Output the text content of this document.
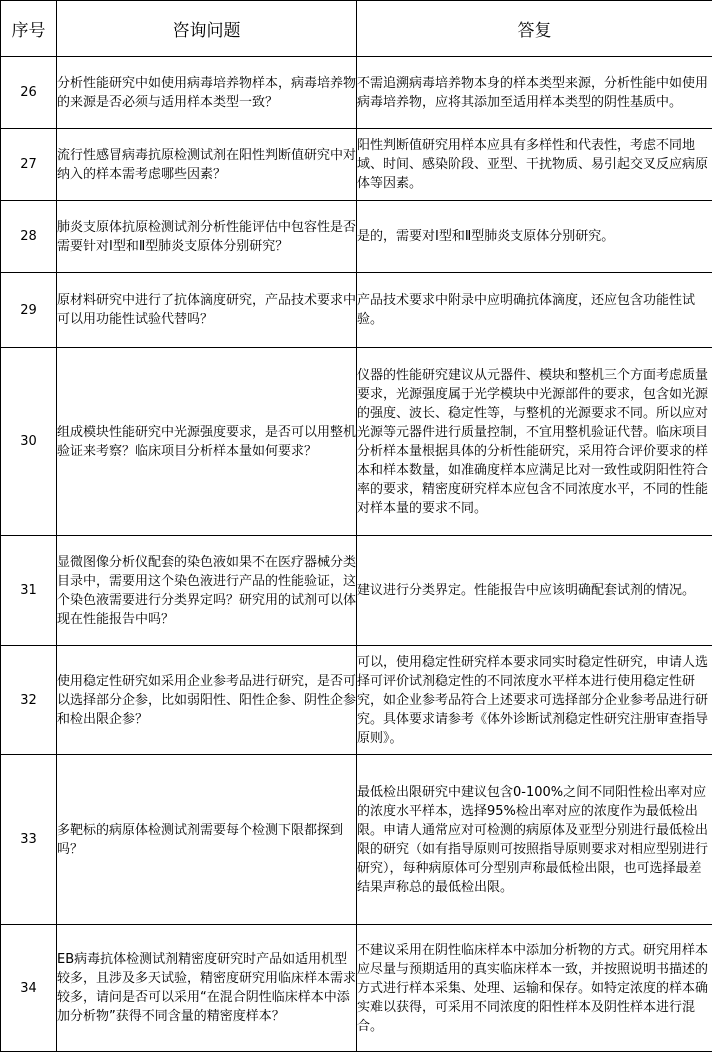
序号	咨询问题	答复
26	分析性能研究中如使用病毒培养物样本，病毒培养物的来源是否必须与适用样本类型一致？	不需追溯病毒培养物本身的样本类型来源，分析性能中如使用病毒培养物，应将其添加至适用样本类型的阴性基质中。
27	流行性感冒病毒抗原检测试剂在阳性判断值研究中对纳入的样本需考虑哪些因素？	阳性判断值研究用样本应具有多样性和代表性，考虑不同地域、时间、感染阶段、亚型、干扰物质、易引起交叉反应病原体等因素。
28	肺炎支原体抗原检测试剂分析性能评估中包容性是否需要针对Ⅰ型和Ⅱ型肺炎支原体分别研究？	是的，需要对Ⅰ型和Ⅱ型肺炎支原体分别研究。
29	原材料研究中进行了抗体滴度研究，产品技术要求中可以用功能性试验代替吗？	产品技术要求中附录中应明确抗体滴度，还应包含功能性试验。
30	组成模块性能研究中光源强度要求，是否可以用整机验证来考察？临床项目分析样本量如何要求？	仪器的性能研究建议从元器件、模块和整机三个方面考虑质量要求，光源强度属于光学模块中光源部件的要求，包含如光源的强度、波长、稳定性等，与整机的光源要求不同。所以应对光源等元器件进行质量控制，不宜用整机验证代替。临床项目分析样本量根据具体的分析性能研究，采用符合评价要求的样本和样本数量，如准确度样本应满足比对一致性或阴阳性符合率的要求，精密度研究样本应包含不同浓度水平，不同的性能对样本量的要求不同。
31	显微图像分析仪配套的染色液如果不在医疗器械分类目录中，需要用这个染色液进行产品的性能验证，这个染色液需要进行分类界定吗？研究用的试剂可以体现在性能报告中吗？	建议进行分类界定。性能报告中应该明确配套试剂的情况。
32	使用稳定性研究如采用企业参考品进行研究，是否可以选择部分企参，比如弱阳性、阳性企参、阴性企参和检出限企参？	可以，使用稳定性研究样本要求同实时稳定性研究，申请人选择可评价试剂稳定性的不同浓度水平样本进行使用稳定性研究，如企业参考品符合上述要求可选择部分企业参考品进行研究。具体要求请参考《体外诊断试剂稳定性研究注册审查指导原则》。
33	多靶标的病原体检测试剂需要每个检测下限都探到吗？	最低检出限研究中建议包含0-100%之间不同阳性检出率对应的浓度水平样本，选择95%检出率对应的浓度作为最低检出限。申请人通常应对可检测的病原体及亚型分别进行最低检出限的研究（如有指导原则可按照指导原则要求对相应型别进行研究），每种病原体可分型别声称最低检出限，也可选择最差结果声称总的最低检出限。
34	EB病毒抗体检测试剂精密度研究时产品如适用机型较多，且涉及多天试验，精密度研究用临床样本需求较多，请问是否可以采用“在混合阴性临床样本中添加分析物”获得不同含量的精密度样本？	不建议采用在阴性临床样本中添加分析物的方式。研究用样本应尽量与预期适用的真实临床样本一致，并按照说明书描述的方式进行样本采集、处理、运输和保存。如特定浓度的样本确实难以获得，可采用不同浓度的阳性样本及阴性样本进行混合。
